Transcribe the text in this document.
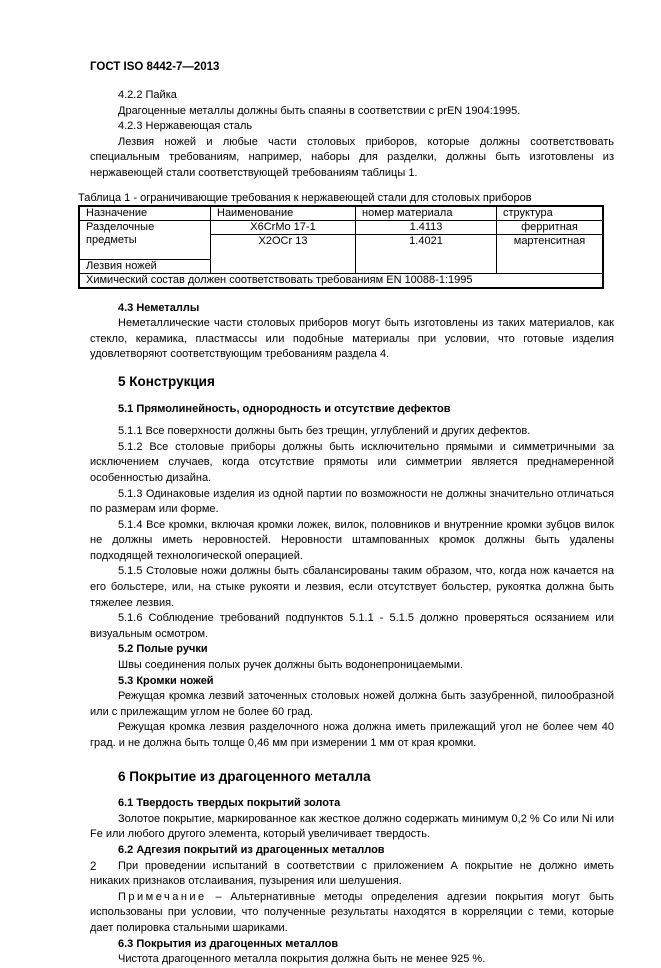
ГОСТ ISO 8442-7—2013
4.2.2 Пайка
Драгоценные металлы должны быть спаяны в соответствии с prEN 1904:1995.
4.2.3 Нержавеющая сталь
Лезвия ножей и любые части столовых приборов, которые должны соответствовать специальным требованиям, например, наборы для разделки, должны быть изготовлены из нержавеющей стали соответствующей требованиям таблицы 1.
Таблица 1 - ограничивающие требования к нержавеющей стали для столовых приборов
Назначение	Наименование	номер материала	структура
Разделочные предметы	X6CrMo 17-1	1.4113	ферритная
	X2OCr 13	1.4021	мартенситная
Лезвия ножей			
Химический состав должен соответствовать требованиям EN 10088-1:1995			
4.3 Неметаллы
Неметаллические части столовых приборов могут быть изготовлены из таких материалов, как стекло, керамика, пластмассы или подобные материалы при условии, что готовые изделия удовлетворяют соответствующим требованиям раздела 4.
5 Конструкция
5.1 Прямолинейность, однородность и отсутствие дефектов
5.1.1 Все поверхности должны быть без трещин, углублений и других дефектов.
5.1.2 Все столовые приборы должны быть исключительно прямыми и симметричными за исключением случаев, когда отсутствие прямоты или симметрии является преднамеренной особенностью дизайна.
5.1.3 Одинаковые изделия из одной партии по возможности не должны значительно отличаться по размерам или форме.
5.1.4 Все кромки, включая кромки ложек, вилок, половников и внутренние кромки зубцов вилок не должны иметь неровностей. Неровности штампованных кромок должны быть удалены подходящей технологической операцией.
5.1.5 Столовые ножи должны быть сбалансированы таким образом, что, когда нож качается на его больстере, или, на стыке рукояти и лезвия, если отсутствует больстер, рукоятка должна быть тяжелее лезвия.
5.1.6 Соблюдение требований подпунктов 5.1.1 - 5.1.5 должно проверяться осязанием или визуальным осмотром.
5.2 Полые ручки
Швы соединения полых ручек должны быть водонепроницаемыми.
5.3 Кромки ножей
Режущая кромка лезвий заточенных столовых ножей должна быть зазубренной, пилообразной или с прилежащим углом не более 60 град.
Режущая кромка лезвия разделочного ножа должна иметь прилежащий угол не более чем 40 град. и не должна быть толще 0,46 мм при измерении 1 мм от края кромки.
6 Покрытие из драгоценного металла
6.1 Твердость твердых покрытий золота
Золотое покрытие, маркированное как жесткое должно содержать минимум 0,2 % Co или Ni или Fe или любого другого элемента, который увеличивает твердость.
6.2 Адгезия покрытий из драгоценных металлов
При проведении испытаний в соответствии с приложением А покрытие не должно иметь никаких признаков отслаивания, пузырения или шелушения.
Примечание – Альтернативные методы определения адгезии покрытия могут быть использованы при условии, что полученные результаты находятся в корреляции с теми, которые дает полировка стальными шариками.
6.3 Покрытия из драгоценных металлов
Чистота драгоценного металла покрытия должна быть не менее 925 %.
2
